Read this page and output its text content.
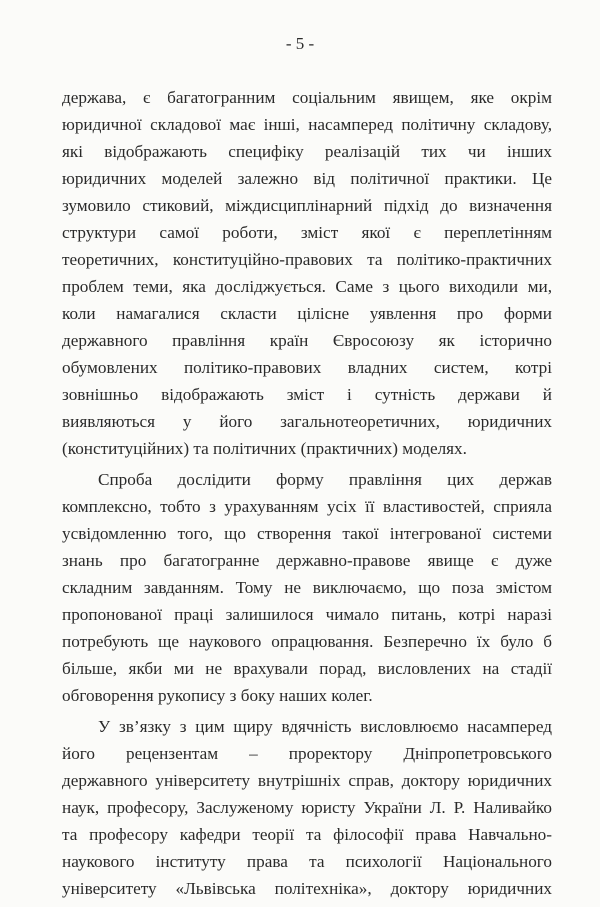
- 5 -
держава, є багатогранним соціальним явищем, яке окрім
юридичної складової має інші, насамперед політичну складову,
які відображають специфіку реалізацій тих чи інших
юридичних моделей залежно від політичної практики. Це
зумовило стиковий, міждисциплінарний підхід до визначення
структури самої роботи, зміст якої є переплетінням
теоретичних, конституційно-правових та політико-практичних
проблем теми, яка досліджується. Саме з цього виходили ми,
коли намагалися скласти цілісне уявлення про форми
державного правління країн Євросоюзу як історично
обумовлених політико-правових владних систем, котрі
зовнішньо відображають зміст і сутність держави й
виявляються у його загальнотеоретичних, юридичних
(конституційних) та політичних (практичних) моделях.
Спроба дослідити форму правління цих держав
комплексно, тобто з урахуванням усіх її властивостей, сприяла
усвідомленню того, що створення такої інтегрованої системи
знань про багатогранне державно-правове явище є дуже
складним завданням. Тому не виключаємо, що поза змістом
пропонованої праці залишилося чимало питань, котрі наразі
потребують ще наукового опрацювання. Безперечно їх було б
більше, якби ми не врахували порад, висловлених на стадії
обговорення рукопису з боку наших колег.
У зв’язку з цим щиру вдячність висловлюємо насамперед
його рецензентам – проректору Дніпропетровського
державного університету внутрішніх справ, доктору юридичних
наук, професору, Заслуженому юристу України Л. Р. Наливайко
та професору кафедри теорії та філософії права Навчально-
наукового інституту права та психології Національного
університету «Львівська політехніка», доктору юридичних
